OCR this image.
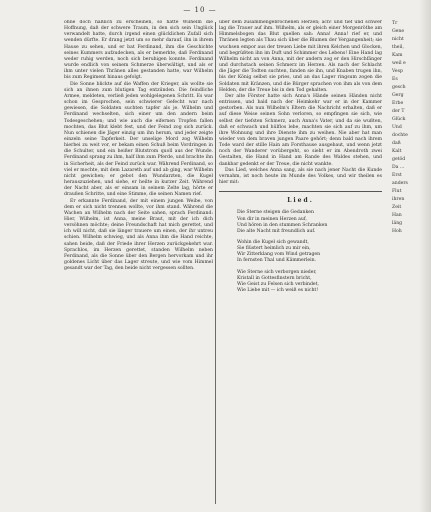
— 10 —

ohne doch häßlich zu erscheinen, so hätte Wilhelm die Hoffnung, daß der schwere Traum, in den sich sein Unglück verwandelt hatte, durch irgend einen glücklichen Zufall sich wenden dürfte. Er drang jetzt um so mehr darauf, ihn in ihrem Hause zu sehen, und er bat Ferdinand, ihm die Geschichte seines Kummers aufzudecken, als er bemerkte, daß Ferdinand weder ruhig werden, noch sich beruhigen konnte. Ferdinand wurde endlich von seinem Schmerze überwältigt, und als er ihm unter vielen Thränen alles gestanden hatte, war Wilhelm bis zum Regiment hinaus gefolgt.

Die Sonne blickte auf die Waffen der Krieger, als wollte sie sich an ihnen zum blutigen Tag entzünden. Die feindliche Armee, meldeten, verließ jeden wohlgelegenen Schritt. Es war schon im Gesprochen, sein schwierer Gefecht war nach gewiesen, die Soldaten suchten tapfer als je. Wilhelm und Ferdinand wechselten, sich einer um den andern beim Todesgeschehen; und wie auch die eifernen Tropfen fallen mochten, das Blut klebt fest, und der Feind zog sich zurück. Nun schienen die Jäger einzig um ihn herum, und jeder zeigte einzeln seine Tapferkeit. Der unselige Mord zog Wilhelm hierbei zu weit vor, er bekam einen Schuß beim Vordringen in die Schulter, und ein heißer Blutstrom quoll aus der Wunde. Ferdinand sprang zu ihm, half ihm zum Pferde, und brachte ihn in Sicherheit, als der Feind zurück war. Während Ferdinand, so viel er mochte, mit dem Lazareth auf und ab ging, war Wilhelm nicht gewichen; er gebot den Wundarzten, die Kugel herauszuziehen, und siehe, er heilte in kurzer Zeit. Während der Nacht aber, als er einsam in seinem Zelte lag, hörte er draußen Schritte, und eine Stimme, die seinen Namen rief.

Er erkannte Ferdinand, der mit einem jungen Weibe, von dem er sich nicht trennen wollte, vor ihm stand. Während die Wachen an Wilhelm nach der Seite sahen, sprach Ferdinand: Hier, Wilhelm, ist Anna, meine Braut, mit der ich dich versöhnen möchte; deine Freundschaft hat mich gerettet, und ich will nicht, daß sie länger trauere um einen, der ihr untreu schien. Wilhelm schwieg, und als Anna ihm die Hand reichte, sahen beide, daß der Friede ihrer Herzen zurückgekehrt war. Sprachlos, im Herzen gerettet, standen Wilhelm neben Ferdinand, als die Sonne über den Bergen hervorkam und ihr goldenes Licht über das Lager streute, und wie vom Himmel gesandt war der Tag, den beide nicht vergessen sollten.

über dem zusammengebrochenen Herzen; ach! und tief und schwer lag die Trauer auf ihm. Wilhelm, als er gleich einer Morgenröthe am Himmelsbogen das Blut quellen sah: Anna! Anna! rief er, und Thränen legten als Thau sich über die Blumen der Vergangenheit; sie wuchsen empor aus der treuen Liebe mit ihren Kelchen und Glocken, und begrüßten ihn im Duft und Schimmer des Lebens! Eine Hand lag Wilhelm nicht an von Anna, mit der andern zog er den Hirschfänger und durchstach seinen Schmerz im Herzen. Als nach der Schlacht die Jäger die Todten suchten, fanden sie ihn, und Knaben trugen ihn, bis der König selbst sie pries, und an das Lager ringsum zogen die Soldaten mit Kränzen, und die Bürger sprachen von ihm als von dem Helden, der die Treue bis in den Tod gehalten.

Der alte Förster hatte sich Anna's Hände seinen Händen nicht entrissen, und bald nach der Heimkehr war er in der Kammer gestorben. Als nun Wilhelm's Eltern die Nachricht erhalten, daß er auf diese Weise seinen Sohn verloren, so empfingen sie sich, wie selbst der tiefsten Schmerz, auch Anna's Vater, und da sie wußten, daß er schwach und hülflos lebe, machten sie sich auf zu ihm, um ihre Wohnung und ihre Dienste ihm zu weihen. Nie aber hat man wieder von dem braven jungen Paare gehört; denn bald nach ihrem Tode ward der stille Hain am Forsthause ausgebaut, und wenn jetzt noch der Wanderer vorübergeht, so sieht er im Abendroth zwei Gestalten, die Hand in Hand am Rande des Waldes stehen, und dankbar gedenkt er der Treue, die nicht wankte.

Das Lied, welches Anna sang, als sie nach jener Nacht die Kunde vernahm, ist noch heute im Munde des Volkes, und wir theilen es hier mit:

Lied.
Die Sterne steigen die Gedanken
Von dir in meinen Herzen auf,
Und hören in den stummen Schranken
Die alte Nacht mit freundlich auf.
Wohin die Kugel sich gewandt,
Sie flüstert heimlich zu mir ein,
Wir Zitterklang vom Wind getragen
In fernsten Thal und Kämmerlein.
Wie Sterne sich verborgen nieder,
Kristall in Gottesfinstern bricht,
Wie Geist zu Felsen sich verbindet,
Wie Liebe mit — ich weiß es nicht!
Tr
Gene
nicht
theil,
Kam
weil e
Vesp
Es
gesch
Gerg
Erbe
der T
Glück
Und
dochte
daß
Kalt
getöd
Da ...
Erst
anders
Flut
ihren
Zeit
Han
läng
Hoh
